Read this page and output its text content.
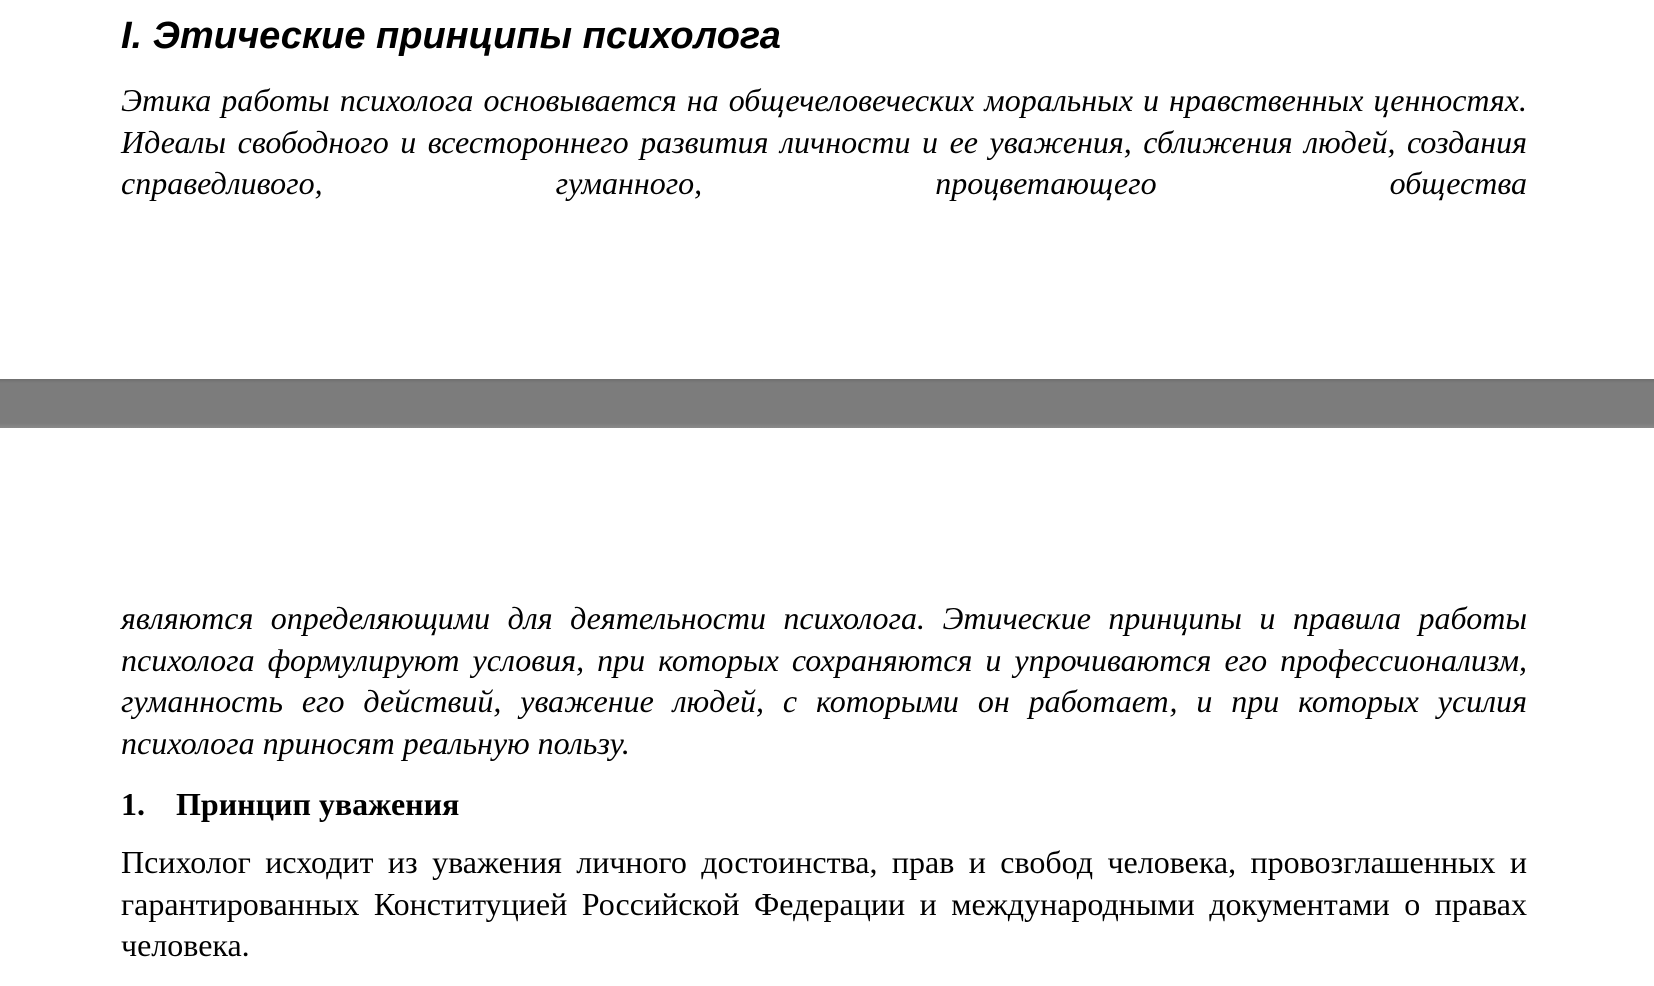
I. Этические принципы психолога

Этика работы психолога основывается на общечеловеческих моральных и нравственных ценностях. Идеалы свободного и всестороннего развития личности и ее уважения, сближения людей, создания справедливого, гуманного, процветающего общества

являются определяющими для деятельности психолога. Этические принципы и правила работы психолога формулируют условия, при которых сохраняются и упрочиваются его профессионализм, гуманность его действий, уважение людей, с которыми он работает, и при которых усилия психолога приносят реальную пользу.

1. Принцип уважения

Психолог исходит из уважения личного достоинства, прав и свобод человека, провозглашенных и гарантированных Конституцией Российской Федерации и международными документами о правах человека.
